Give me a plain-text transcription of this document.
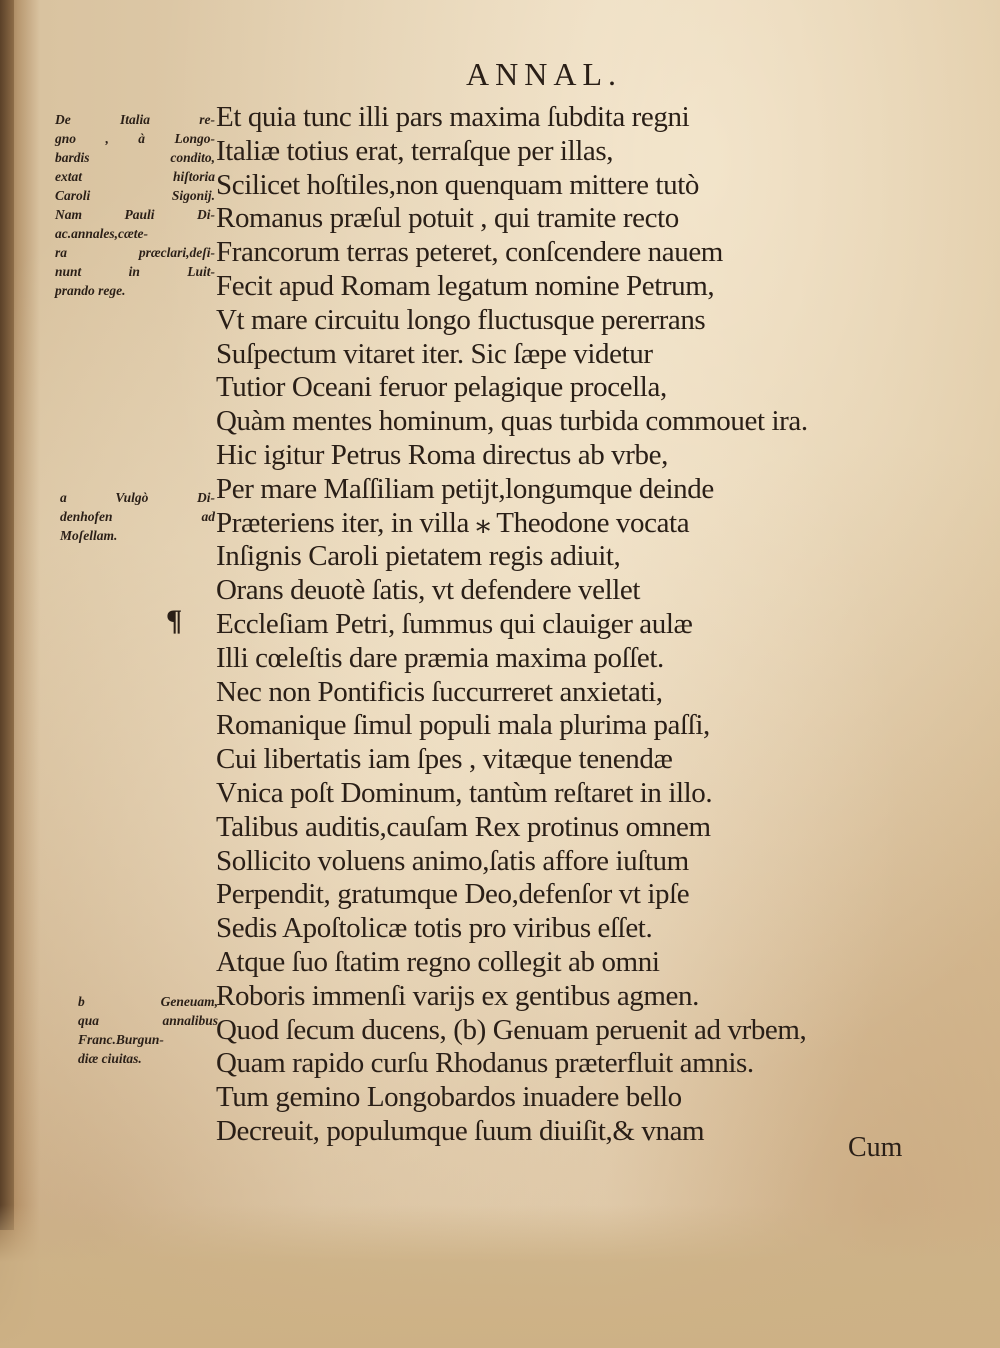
ANNAL.
De Italia re-
gno , à Longo-
bardis condito,
extat hiſtoria
Caroli Sigonij.
Nam Pauli Di-
ac.annales,cæte-
ra præclari,deſi-
nunt in Luit-
prando rege.
a Vulgò Di-
denhofen ad
Moſellam.
b Geneuam,
qua annalibus
Franc.Burgun-
diæ ciuitas.
¶
Et quia tunc illi pars maxima ſubdita regni
Italiæ totius erat, terraſque per illas,
Scilicet hoſtiles,non quenquam mittere tutò
Romanus præſul potuit , qui tramite recto
Francorum terras peteret, conſcendere nauem
Fecit apud Romam legatum nomine Petrum,
Vt mare circuitu longo fluctusque pererrans
Suſpectum vitaret iter. Sic ſæpe videtur
Tutior Oceani feruor pelagique procella,
Quàm mentes hominum, quas turbida commouet ira.
Hic igitur Petrus Roma directus ab vrbe,
Per mare Maſſiliam petijt,longumque deinde
Præteriens iter, in villa ⁎ Theodone vocata
Inſignis Caroli pietatem regis adiuit,
Orans deuotè ſatis, vt defendere vellet
Eccleſiam Petri, ſummus qui clauiger aulæ
Illi cœleſtis dare præmia maxima poſſet.
Nec non Pontificis ſuccurreret anxietati,
Romanique ſimul populi mala plurima paſſi,
Cui libertatis iam ſpes , vitæque tenendæ
Vnica poſt Dominum, tantùm reſtaret in illo.
Talibus auditis,cauſam Rex protinus omnem
Sollicito voluens animo,ſatis affore iuſtum
Perpendit, gratumque Deo,defenſor vt ipſe
Sedis Apoſtolicæ totis pro viribus eſſet.
Atque ſuo ſtatim regno collegit ab omni
Roboris immenſi varijs ex gentibus agmen.
Quod ſecum ducens, (b) Genuam peruenit ad vrbem,
Quam rapido curſu Rhodanus præterfluit amnis.
Tum gemino Longobardos inuadere bello
Decreuit, populumque ſuum diuiſit,& vnam
Cum
